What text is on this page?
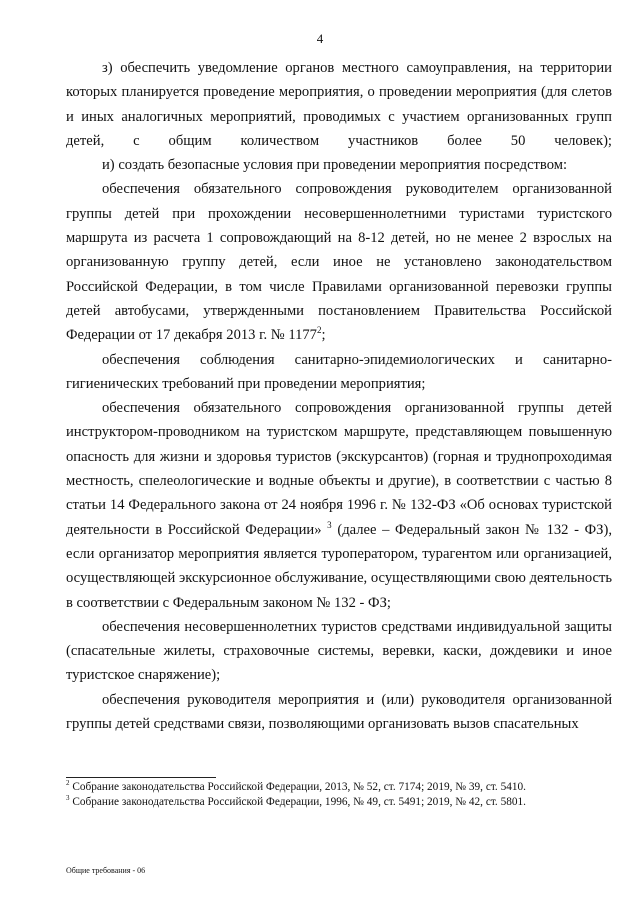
4

з) обеспечить уведомление органов местного самоуправления, на территории которых планируется проведение мероприятия, о проведении мероприятия (для слетов и иных аналогичных мероприятий, проводимых с участием организованных групп детей, с общим количеством участников более 50 человек);

и) создать безопасные условия при проведении мероприятия посредством:

обеспечения обязательного сопровождения руководителем организованной группы детей при прохождении несовершеннолетними туристами туристского маршрута из расчета 1 сопровождающий на 8-12 детей, но не менее 2 взрослых на организованную группу детей, если иное не установлено законодательством Российской Федерации, в том числе Правилами организованной перевозки группы детей автобусами, утвержденными постановлением Правительства Российской Федерации от 17 декабря 2013 г. № 1177$^2$;

обеспечения соблюдения санитарно-эпидемиологических и санитарно-гигиенических требований при проведении мероприятия;

обеспечения обязательного сопровождения организованной группы детей инструктором-проводником на туристском маршруте, представляющем повышенную опасность для жизни и здоровья туристов (экскурсантов) (горная и труднопроходимая местность, спелеологические и водные объекты и другие), в соответствии с частью 8 статьи 14 Федерального закона от 24 ноября 1996 г. № 132-ФЗ «Об основах туристской деятельности в Российской Федерации» $^3$ (далее – Федеральный закон № 132 - ФЗ), если организатор мероприятия является туроператором, турагентом или организацией, осуществляющей экскурсионное обслуживание, осуществляющими свою деятельность в соответствии с Федеральным законом № 132 - ФЗ;

обеспечения несовершеннолетних туристов средствами индивидуальной защиты (спасательные жилеты, страховочные системы, веревки, каски, дождевики и иное туристское снаряжение);

обеспечения руководителя мероприятия и (или) руководителя организованной группы детей средствами связи, позволяющими организовать вызов спасательных

$^2$ Собрание законодательства Российской Федерации, 2013, № 52, ст. 7174; 2019, № 39, ст. 5410.

$^3$ Собрание законодательства Российской Федерации, 1996, № 49, ст. 5491; 2019, № 42, ст. 5801.

Общие требования - 06
